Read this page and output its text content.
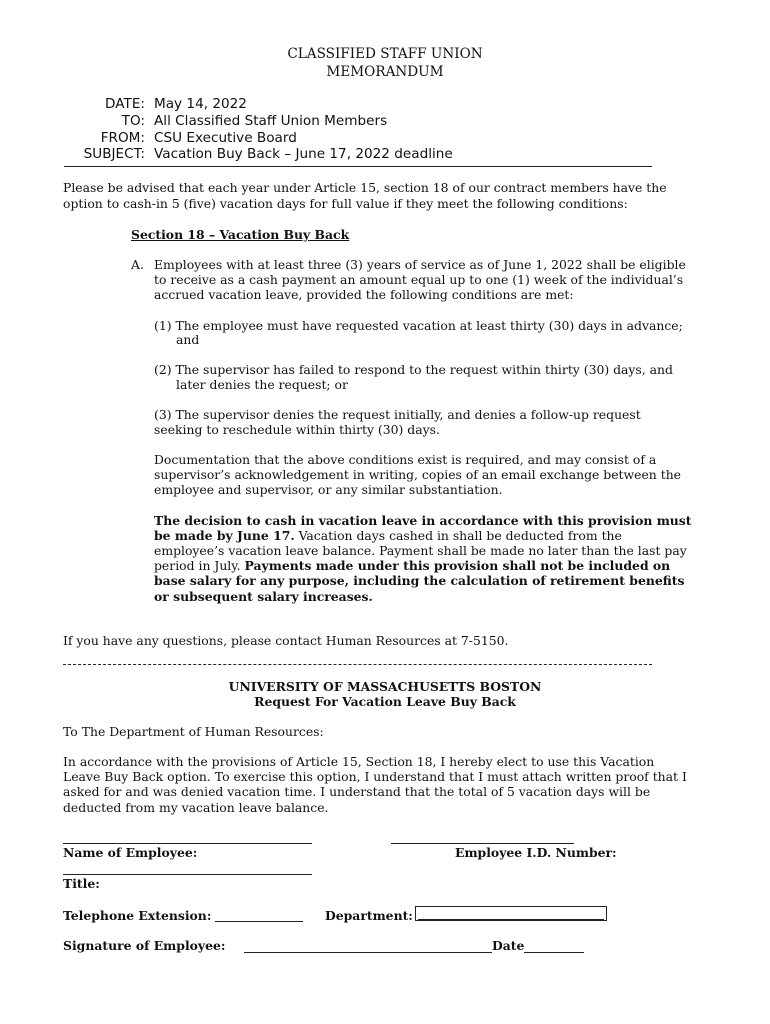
CLASSIFIED STAFF UNION
MEMORANDUM
DATE: May 14, 2022
TO: All Classified Staff Union Members
FROM: CSU Executive Board
SUBJECT: Vacation Buy Back – June 17, 2022 deadline
Please be advised that each year under Article 15, section 18 of our contract members have the
option to cash-in 5 (five) vacation days for full value if they meet the following conditions:
Section 18 – Vacation Buy Back
A. Employees with at least three (3) years of service as of June 1, 2022 shall be eligible
to receive as a cash payment an amount equal up to one (1) week of the individual’s
accrued vacation leave, provided the following conditions are met:
(1) The employee must have requested vacation at least thirty (30) days in advance;
and
(2) The supervisor has failed to respond to the request within thirty (30) days, and
later denies the request; or
(3) The supervisor denies the request initially, and denies a follow-up request
seeking to reschedule within thirty (30) days.
Documentation that the above conditions exist is required, and may consist of a
supervisor’s acknowledgement in writing, copies of an email exchange between the
employee and supervisor, or any similar substantiation.
The decision to cash in vacation leave in accordance with this provision must
be made by June 17. Vacation days cashed in shall be deducted from the
employee’s vacation leave balance. Payment shall be made no later than the last pay
period in July. Payments made under this provision shall not be included on
base salary for any purpose, including the calculation of retirement benefits
or subsequent salary increases.
If you have any questions, please contact Human Resources at 7-5150.
UNIVERSITY OF MASSACHUSETTS BOSTON
Request For Vacation Leave Buy Back
To The Department of Human Resources:
In accordance with the provisions of Article 15, Section 18, I hereby elect to use this Vacation
Leave Buy Back option. To exercise this option, I understand that I must attach written proof that I
asked for and was denied vacation time. I understand that the total of 5 vacation days will be
deducted from my vacation leave balance.
Name of Employee:	Employee I.D. Number:
Title:
Telephone Extension:	Department:
Signature of Employee:	Date
